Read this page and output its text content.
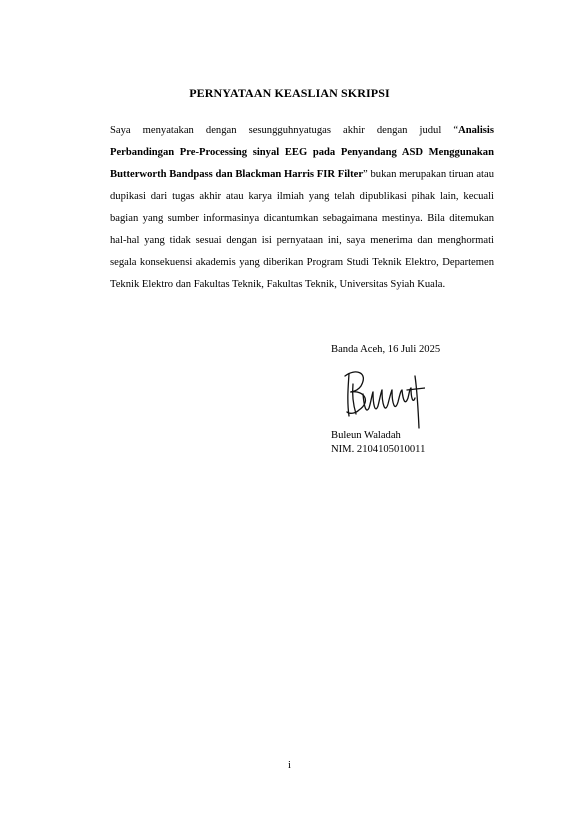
PERNYATAAN KEASLIAN SKRIPSI

Saya menyatakan dengan sesungguhnyatugas akhir dengan judul “Analisis Perbandingan Pre-Processing sinyal EEG pada Penyandang ASD Menggunakan Butterworth Bandpass dan Blackman Harris FIR Filter” bukan merupakan tiruan atau dupikasi dari tugas akhir atau karya ilmiah yang telah dipublikasi pihak lain, kecuali bagian yang sumber informasinya dicantumkan sebagaimana mestinya. Bila ditemukan hal-hal yang tidak sesuai dengan isi pernyataan ini, saya menerima dan menghormati segala konsekuensi akademis yang diberikan Program Studi Teknik Elektro, Departemen Teknik Elektro dan Fakultas Teknik, Fakultas Teknik, Universitas Syiah Kuala.

Banda Aceh, 16 Juli 2025
Buleun Waladah
NIM. 2104105010011
i
